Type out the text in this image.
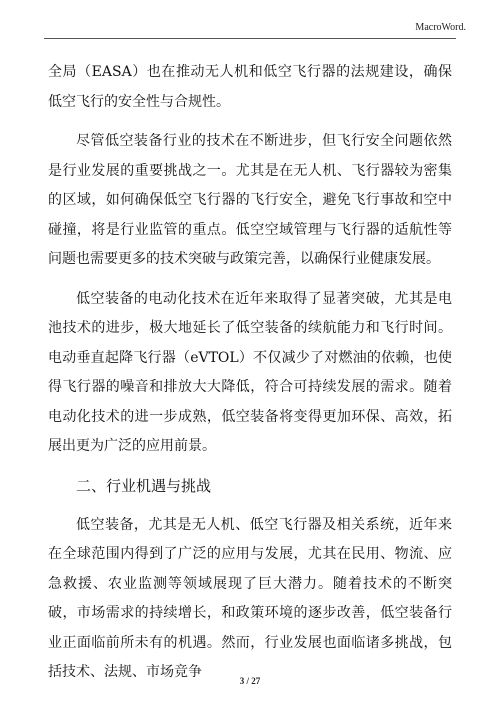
MacroWord.

全局（EASA）也在推动无人机和低空飞行器的法规建设，确保低空飞行的安全性与合规性。

尽管低空装备行业的技术在不断进步，但飞行安全问题依然是行业发展的重要挑战之一。尤其是在无人机、飞行器较为密集的区域，如何确保低空飞行器的飞行安全，避免飞行事故和空中碰撞，将是行业监管的重点。低空空域管理与飞行器的适航性等问题也需要更多的技术突破与政策完善，以确保行业健康发展。

低空装备的电动化技术在近年来取得了显著突破，尤其是电池技术的进步，极大地延长了低空装备的续航能力和飞行时间。电动垂直起降飞行器（eVTOL）不仅减少了对燃油的依赖，也使得飞行器的噪音和排放大大降低，符合可持续发展的需求。随着电动化技术的进一步成熟，低空装备将变得更加环保、高效，拓展出更为广泛的应用前景。

二、行业机遇与挑战

低空装备，尤其是无人机、低空飞行器及相关系统，近年来在全球范围内得到了广泛的应用与发展，尤其在民用、物流、应急救援、农业监测等领域展现了巨大潜力。随着技术的不断突破，市场需求的持续增长，和政策环境的逐步改善，低空装备行业正面临前所未有的机遇。然而，行业发展也面临诸多挑战，包括技术、法规、市场竞争

3 / 27
